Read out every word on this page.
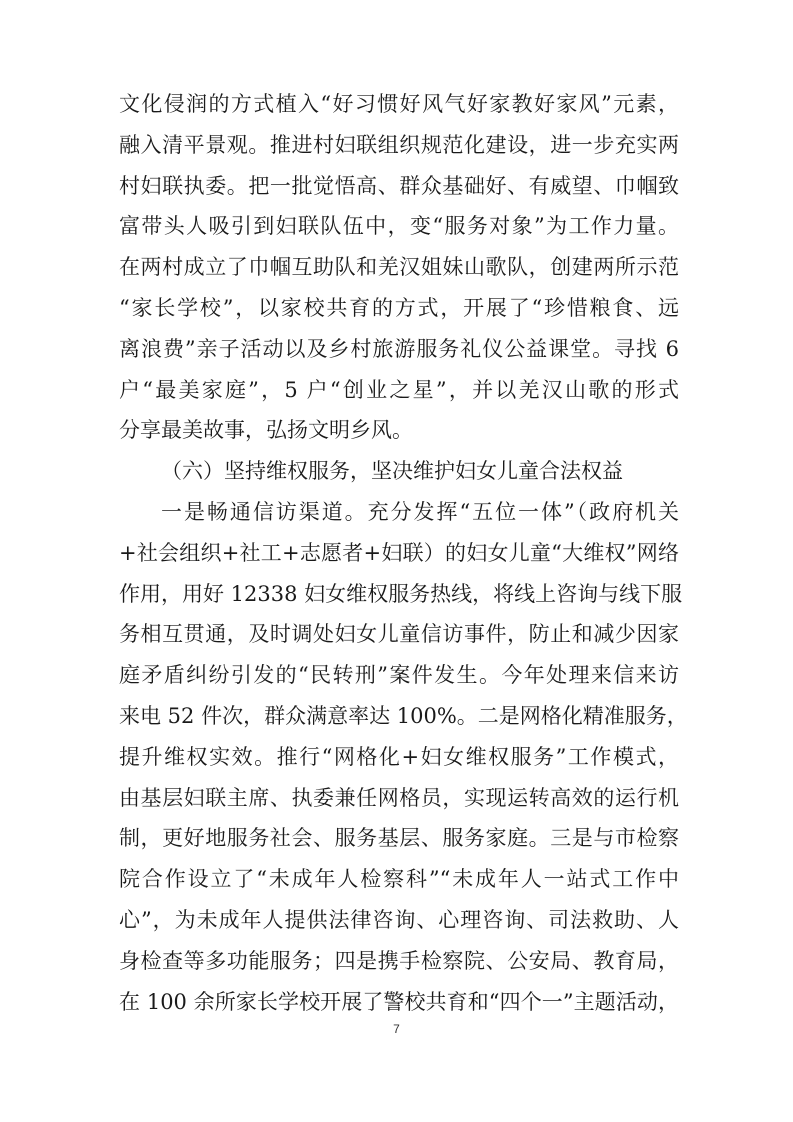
文化侵润的方式植入“好习惯好风气好家教好家风”元素，
融入清平景观。推进村妇联组织规范化建设，进一步充实两
村妇联执委。把一批觉悟高、群众基础好、有威望、巾帼致
富带头人吸引到妇联队伍中，变“服务对象”为工作力量。
在两村成立了巾帼互助队和羌汉姐妹山歌队，创建两所示范
“家长学校”，以家校共育的方式，开展了“珍惜粮食、远
离浪费”亲子活动以及乡村旅游服务礼仪公益课堂。寻找 6
户“最美家庭”，5 户“创业之星”，并以羌汉山歌的形式
分享最美故事，弘扬文明乡风。
（六）坚持维权服务，坚决维护妇女儿童合法权益
一是畅通信访渠道。充分发挥“五位一体”（政府机关
+社会组织+社工+志愿者+妇联）的妇女儿童“大维权”网络
作用，用好 12338 妇女维权服务热线，将线上咨询与线下服
务相互贯通，及时调处妇女儿童信访事件，防止和减少因家
庭矛盾纠纷引发的“民转刑”案件发生。今年处理来信来访
来电 52 件次，群众满意率达 100%。二是网格化精准服务，
提升维权实效。推行“网格化+妇女维权服务”工作模式，
由基层妇联主席、执委兼任网格员，实现运转高效的运行机
制，更好地服务社会、服务基层、服务家庭。三是与市检察
院合作设立了“未成年人检察科”“未成年人一站式工作中
心”，为未成年人提供法律咨询、心理咨询、司法救助、人
身检查等多功能服务；四是携手检察院、公安局、教育局，
在 100 余所家长学校开展了警校共育和“四个一”主题活动，
7
